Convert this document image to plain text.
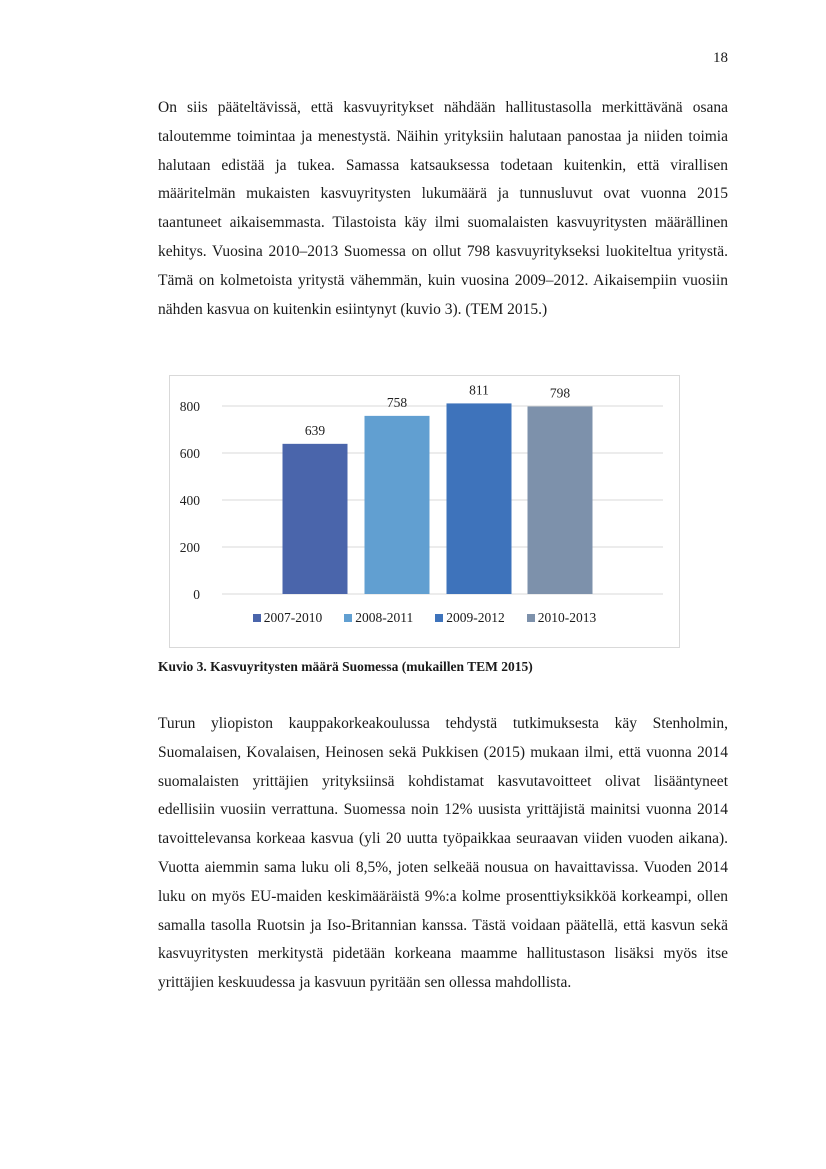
18

On siis pääteltävissä, että kasvuyritykset nähdään hallitustasolla merkittävänä osana taloutemme toimintaa ja menestystä. Näihin yrityksiin halutaan panostaa ja niiden toimia halutaan edistää ja tukea. Samassa katsauksessa todetaan kuitenkin, että virallisen määritelmän mukaisten kasvuyritysten lukumäärä ja tunnusluvut ovat vuonna 2015 taantuneet aikaisemmasta. Tilastoista käy ilmi suomalaisten kasvuyritysten määrällinen kehitys. Vuosina 2010–2013 Suomessa on ollut 798 kasvuyritykseksi luokiteltua yritystä. Tämä on kolmetoista yritystä vähemmän, kuin vuosina 2009–2012. Aikaisempiin vuosiin nähden kasvua on kuitenkin esiintynyt (kuvio 3). (TEM 2015.)

0
200
400
600
800
639
758
811	798
2007-2010 2008-2011 2009-2012 2010-2013
Kuvio 3. Kasvuyritysten määrä Suomessa (mukaillen TEM 2015)

Turun yliopiston kauppakorkeakoulussa tehdystä tutkimuksesta käy Stenholmin, Suomalaisen, Kovalaisen, Heinosen sekä Pukkisen (2015) mukaan ilmi, että vuonna 2014 suomalaisten yrittäjien yrityksiinsä kohdistamat kasvutavoitteet olivat lisääntyneet edellisiin vuosiin verrattuna. Suomessa noin 12% uusista yrittäjistä mainitsi vuonna 2014 tavoittelevansa korkeaa kasvua (yli 20 uutta työpaikkaa seuraavan viiden vuoden aikana). Vuotta aiemmin sama luku oli 8,5%, joten selkeää nousua on havaittavissa. Vuoden 2014 luku on myös EU-maiden keskimääräistä 9%:a kolme prosenttiyksikköä korkeampi, ollen samalla tasolla Ruotsin ja Iso-Britannian kanssa. Tästä voidaan päätellä, että kasvun sekä kasvuyritysten merkitystä pidetään korkeana maamme hallitustason lisäksi myös itse yrittäjien keskuudessa ja kasvuun pyritään sen ollessa mahdollista.
